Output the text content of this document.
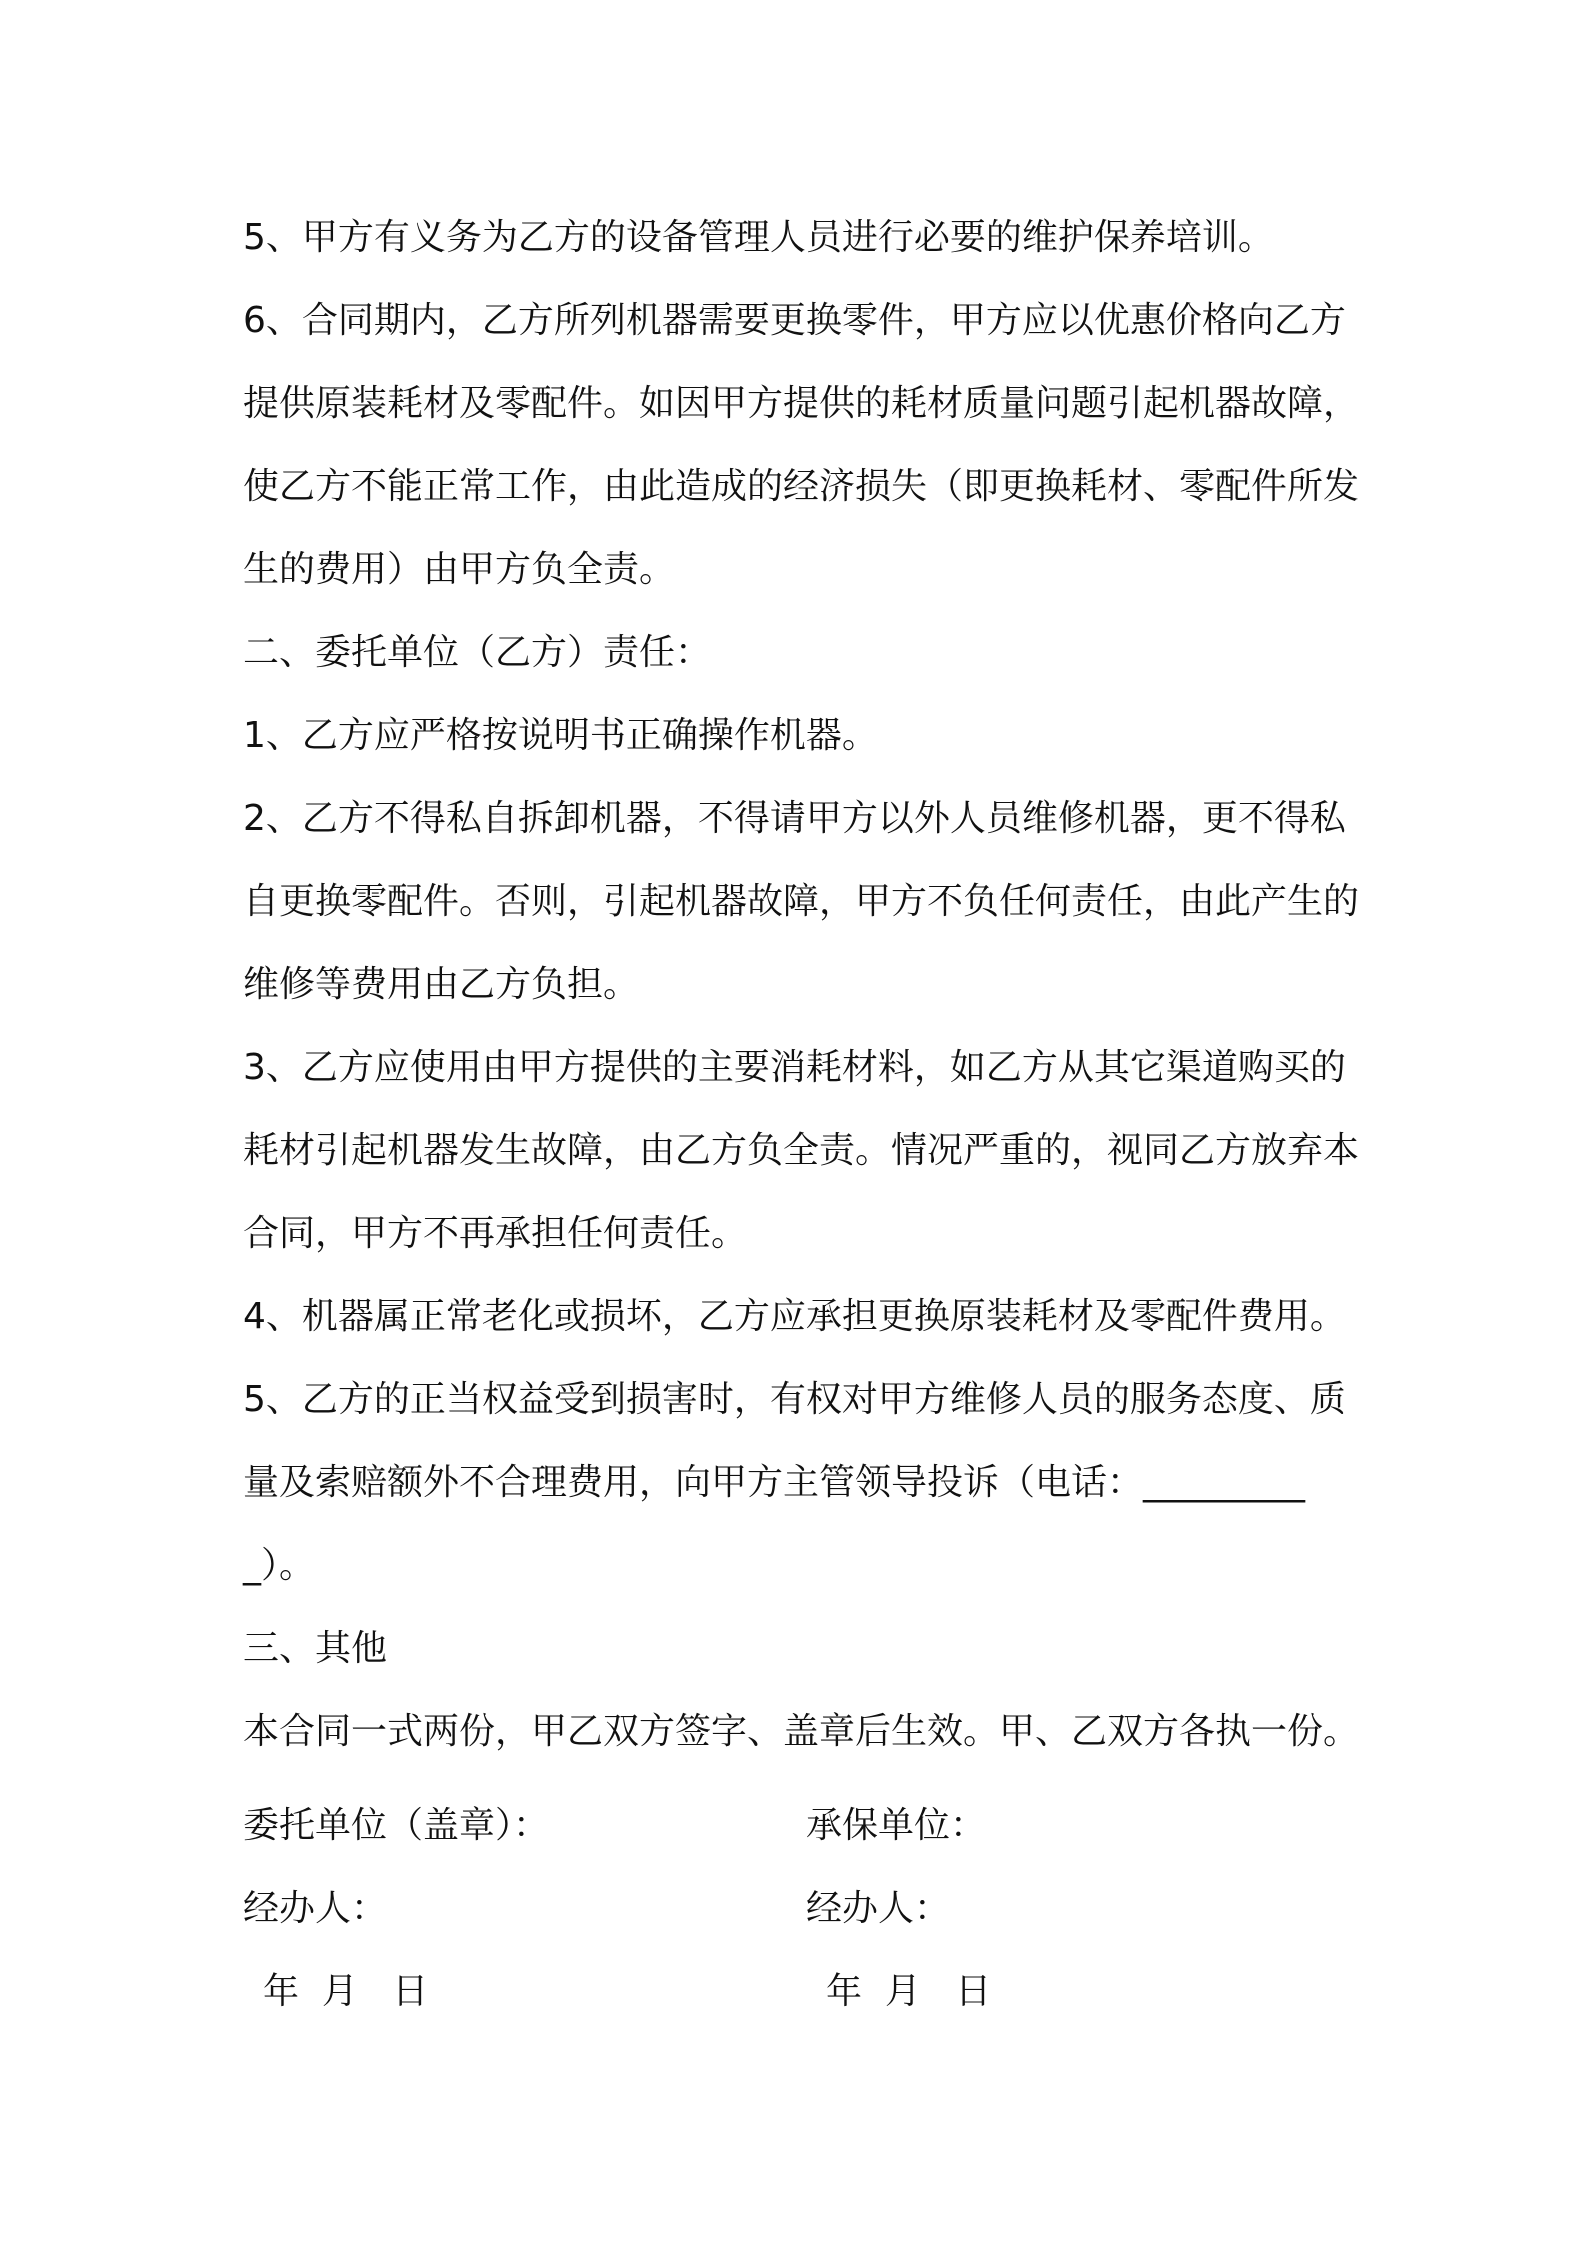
5、甲方有义务为乙方的设备管理人员进行必要的维护保养培训。

6、合同期内，乙方所列机器需要更换零件，甲方应以优惠价格向乙方提供原装耗材及零配件。如因甲方提供的耗材质量问题引起机器故障，使乙方不能正常工作，由此造成的经济损失（即更换耗材、零配件所发生的费用）由甲方负全责。

二、委托单位（乙方）责任：

1、乙方应严格按说明书正确操作机器。

2、乙方不得私自拆卸机器，不得请甲方以外人员维修机器，更不得私自更换零配件。否则，引起机器故障，甲方不负任何责任，由此产生的维修等费用由乙方负担。

3、乙方应使用由甲方提供的主要消耗材料，如乙方从其它渠道购买的耗材引起机器发生故障，由乙方负全责。情况严重的，视同乙方放弃本合同，甲方不再承担任何责任。

4、机器属正常老化或损坏，乙方应承担更换原装耗材及零配件费用。

5、乙方的正当权益受到损害时，有权对甲方维修人员的服务态度、质量及索赔额外不合理费用，向甲方主管领导投诉（电话：__________）。

三、其他

本合同一式两份，甲乙双方签字、盖章后生效。甲、乙双方各执一份。

委托单位（盖章）：	承保单位：
经办人：	经办人：
年  月   日	年  月   日
